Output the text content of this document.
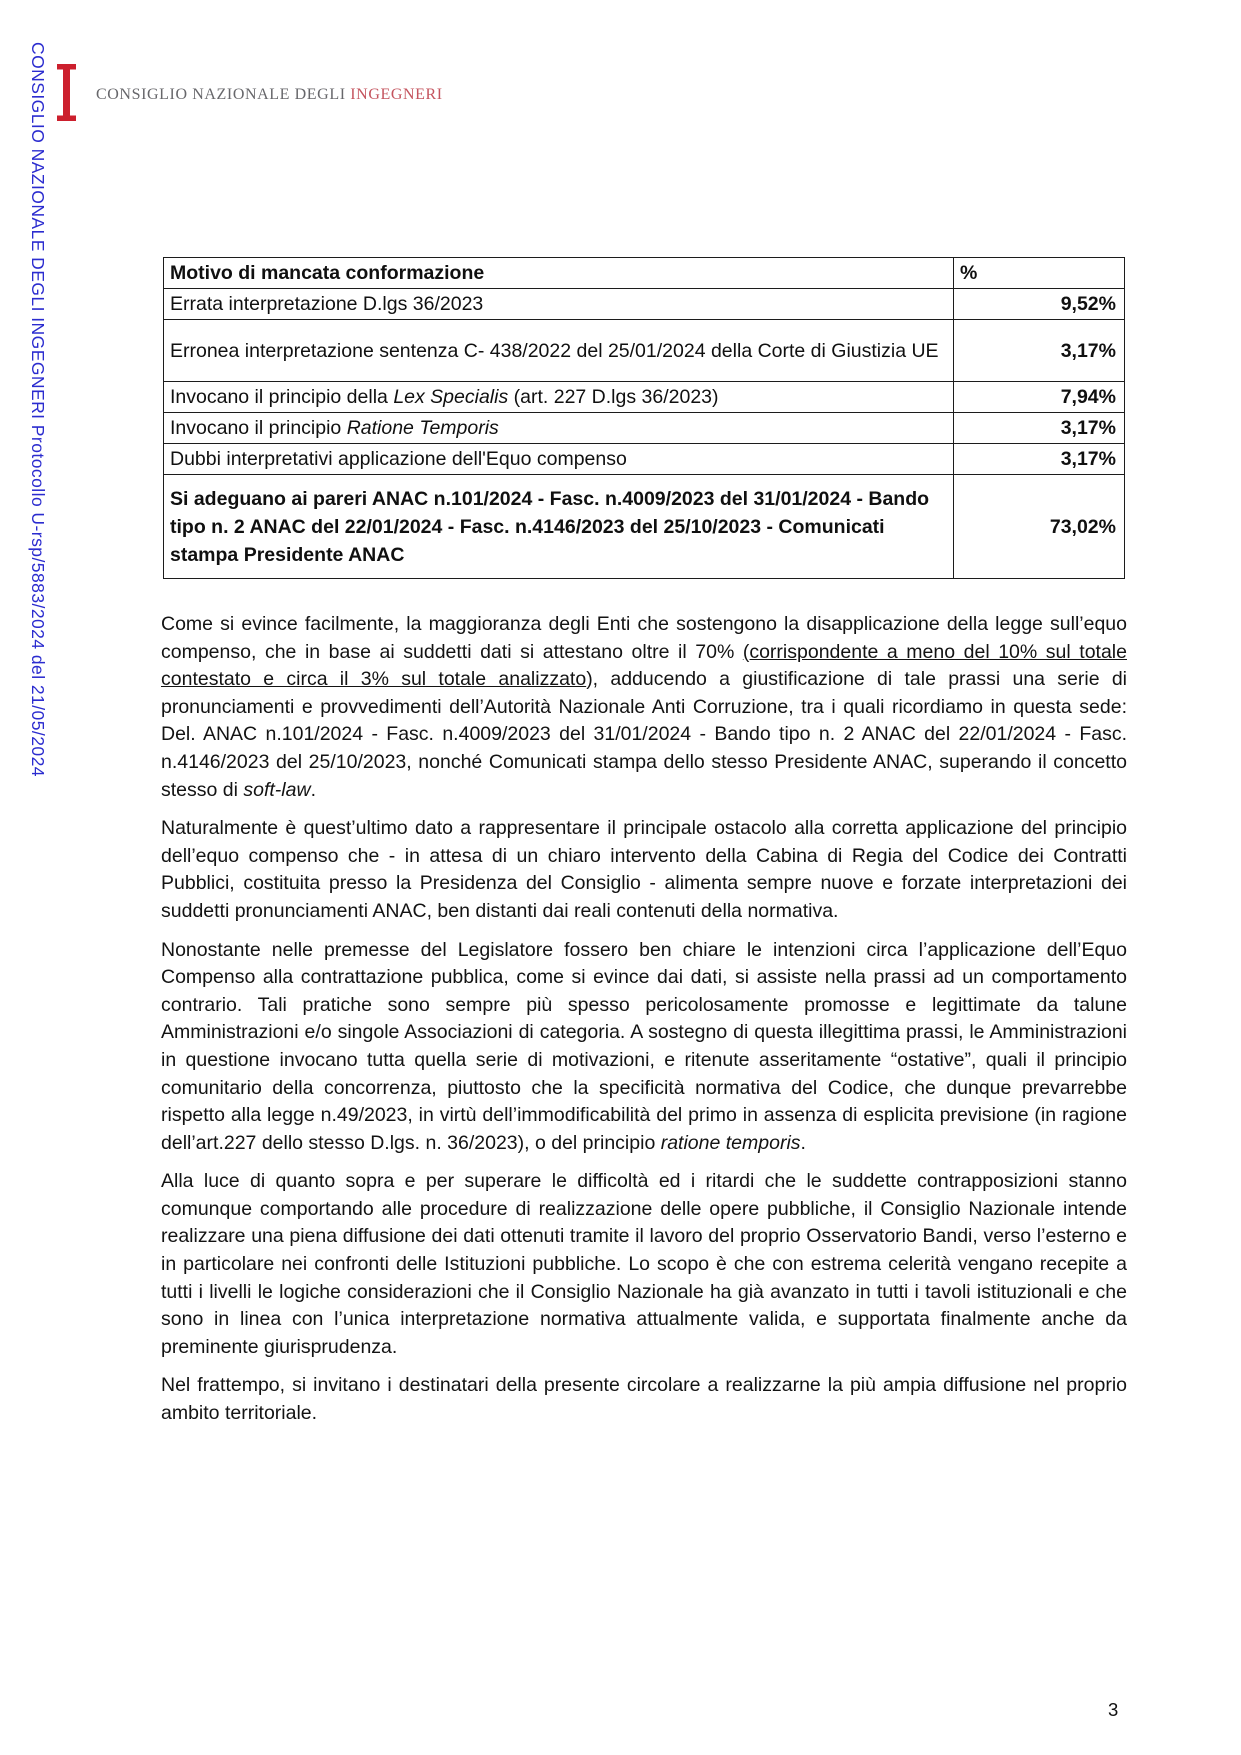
CONSIGLIO NAZIONALE DEGLI INGEGNERI Protocollo U-rsp/5883/2024 del 21/05/2024	CONSIGLIO NAZIONALE DEGLI INGEGNERI
Motivo di mancata conformazione	%
Errata interpretazione D.lgs 36/2023	9,52%
Erronea interpretazione sentenza C- 438/2022 del 25/01/2024 della Corte di Giustizia UE	3,17%
Invocano il principio della Lex Specialis (art. 227 D.lgs 36/2023)	7,94%
Invocano il principio Ratione Temporis	3,17%
Dubbi interpretativi applicazione dell'Equo compenso	3,17%
Si adeguano ai pareri ANAC n.101/2024 - Fasc. n.4009/2023 del 31/01/2024 - Bando tipo n. 2 ANAC del 22/01/2024 - Fasc. n.4146/2023 del 25/10/2023 - Comunicati stampa Presidente ANAC	73,02%

Come si evince facilmente, la maggioranza degli Enti che sostengono la disapplicazione della legge sull’equo compenso, che in base ai suddetti dati si attestano oltre il 70% (corrispondente a meno del 10% sul totale contestato e circa il 3% sul totale analizzato), adducendo a giustificazione di tale prassi una serie di pronunciamenti e provvedimenti dell’Autorità Nazionale Anti Corruzione, tra i quali ricordiamo in questa sede: Del. ANAC n.101/2024 - Fasc. n.4009/2023 del 31/01/2024 - Bando tipo n. 2 ANAC del 22/01/2024 - Fasc. n.4146/2023 del 25/10/2023, nonché Comunicati stampa dello stesso Presidente ANAC, superando il concetto stesso di soft-law.

Naturalmente è quest’ultimo dato a rappresentare il principale ostacolo alla corretta applicazione del principio dell’equo compenso che - in attesa di un chiaro intervento della Cabina di Regia del Codice dei Contratti Pubblici, costituita presso la Presidenza del Consiglio - alimenta sempre nuove e forzate interpretazioni dei suddetti pronunciamenti ANAC, ben distanti dai reali contenuti della normativa.

Nonostante nelle premesse del Legislatore fossero ben chiare le intenzioni circa l’applicazione dell’Equo Compenso alla contrattazione pubblica, come si evince dai dati, si assiste nella prassi ad un comportamento contrario. Tali pratiche sono sempre più spesso pericolosamente promosse e legittimate da talune Amministrazioni e/o singole Associazioni di categoria. A sostegno di questa illegittima prassi, le Amministrazioni in questione invocano tutta quella serie di motivazioni, e ritenute asseritamente “ostative”, quali il principio comunitario della concorrenza, piuttosto che la specificità normativa del Codice, che dunque prevarrebbe rispetto alla legge n.49/2023, in virtù dell’immodificabilità del primo in assenza di esplicita previsione (in ragione dell’art.227 dello stesso D.lgs. n. 36/2023), o del principio ratione temporis.

Alla luce di quanto sopra e per superare le difficoltà ed i ritardi che le suddette contrapposizioni stanno comunque comportando alle procedure di realizzazione delle opere pubbliche, il Consiglio Nazionale intende realizzare una piena diffusione dei dati ottenuti tramite il lavoro del proprio Osservatorio Bandi, verso l’esterno e in particolare nei confronti delle Istituzioni pubbliche. Lo scopo è che con estrema celerità vengano recepite a tutti i livelli le logiche considerazioni che il Consiglio Nazionale ha già avanzato in tutti i tavoli istituzionali e che sono in linea con l’unica interpretazione normativa attualmente valida, e supportata finalmente anche da preminente giurisprudenza.

Nel frattempo, si invitano i destinatari della presente circolare a realizzarne la più ampia diffusione nel proprio ambito territoriale.

3
